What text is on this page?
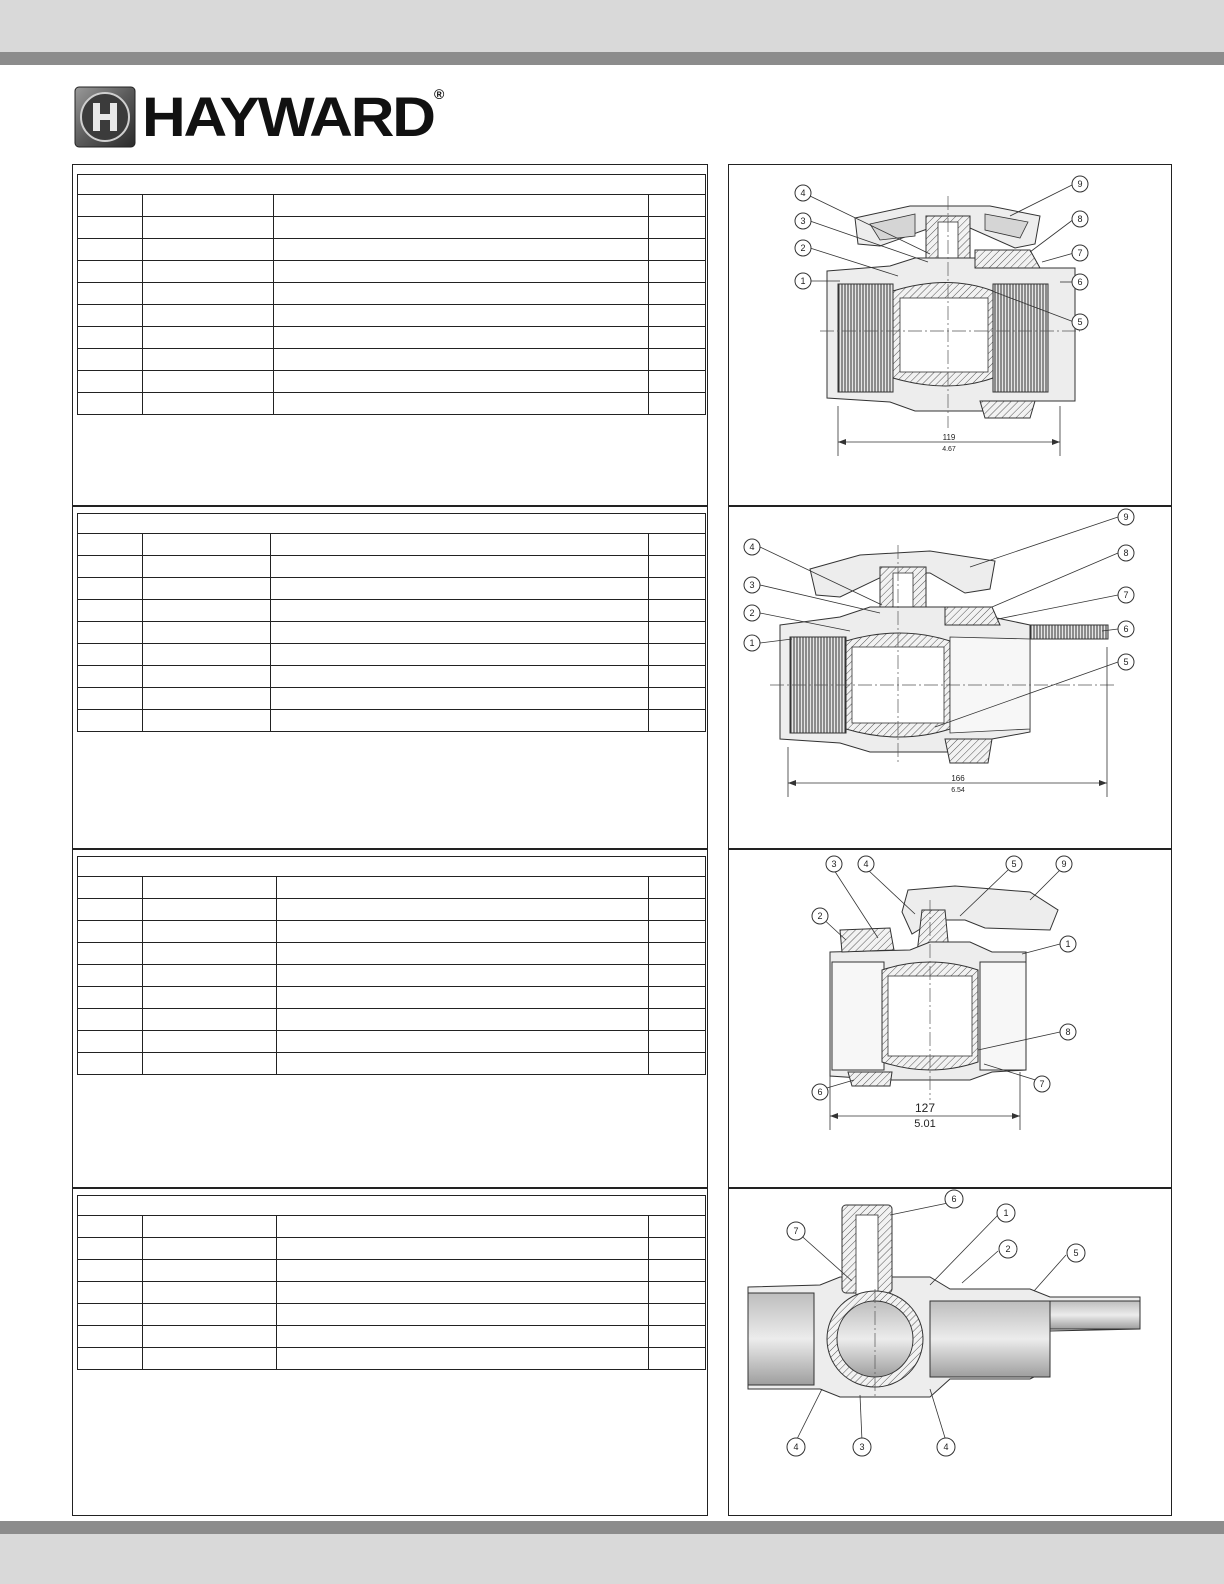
HAYWARD ®

119
4.67
4
3
2
1
9
8
7
6
5
166
6.54
4
3
2
1
9
8
7
6
5
127
5.01
3	4	5	9
2
1
8
7
6
6
1
2	5
7
4	3	4
